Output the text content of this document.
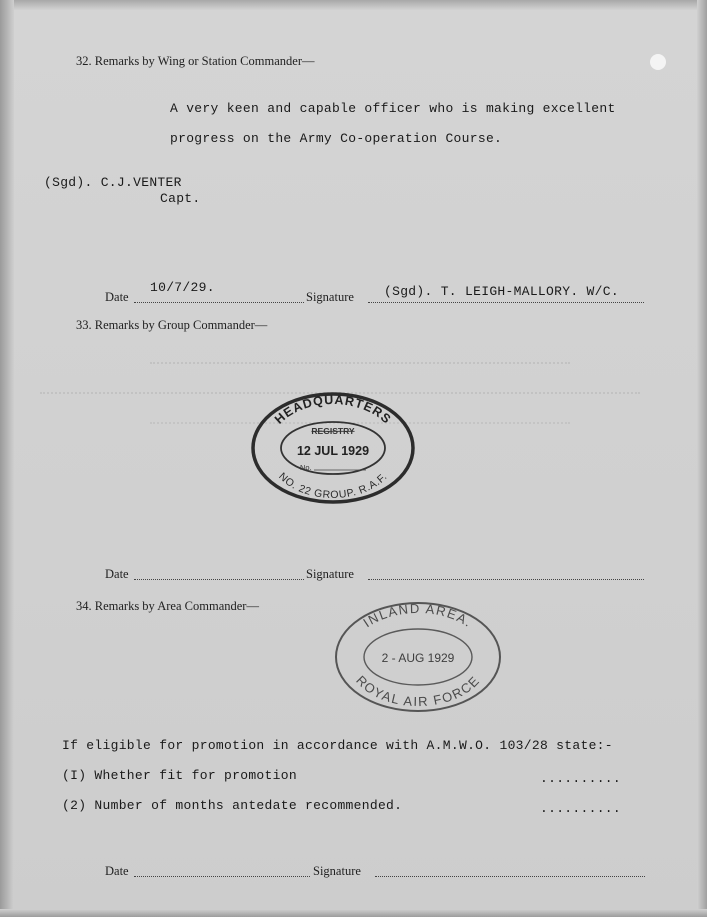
32. Remarks by Wing or Station Commander—
A very keen and capable officer who is making excellent
progress on the Army Co-operation Course.
(Sgd). C.J.VENTER
Capt.
Date
10/7/29.
Signature (Sgd). T. LEIGH-MALLORY. W/C.
33. Remarks by Group Commander—
HEADQUARTERS
REGISTRY
12 JUL 1929
No.
NO. 22 GROUP. R.A.F.
Date	Signature
34. Remarks by Area Commander—
INLAND AREA.
2 - AUG 1929
ROYAL AIR FORCE
If eligible for promotion in accordance with A.M.W.O. 103/28 state:-
(I) Whether fit for promotion	..........
(2) Number of months antedate recommended.	..........
Date	Signature
